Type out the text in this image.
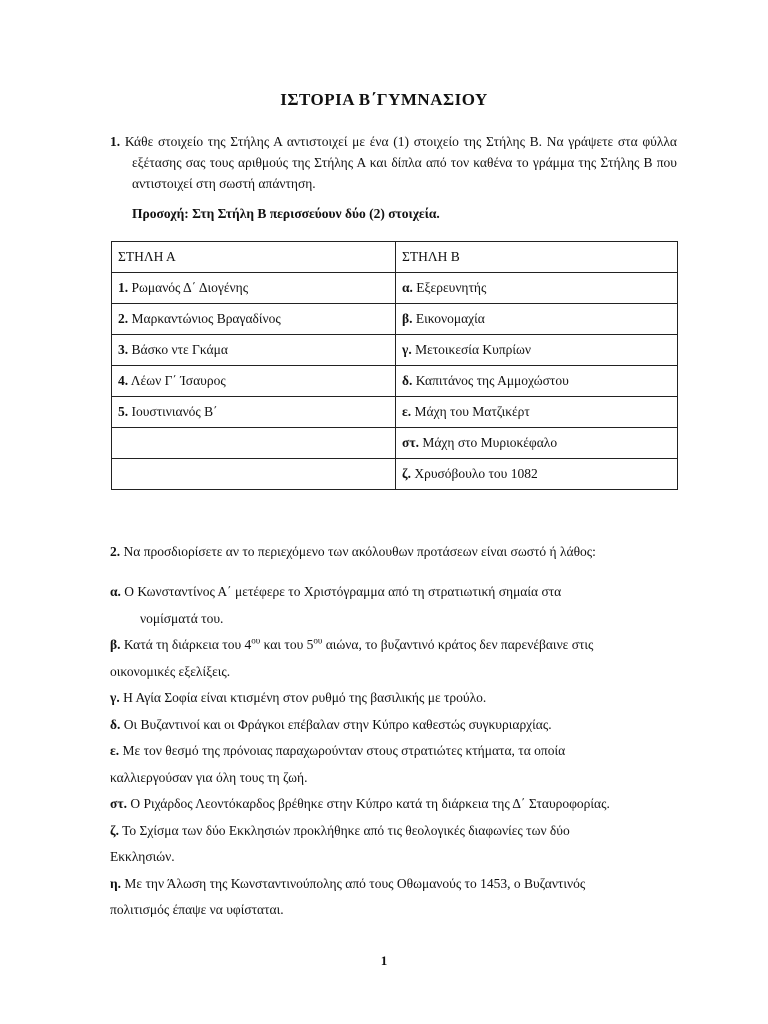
ΙΣΤΟΡΙΑ Β΄ΓΥΜΝΑΣΙΟΥ
1. Κάθε στοιχείο της Στήλης Α αντιστοιχεί με ένα (1) στοιχείο της Στήλης Β. Να γράψετε στα φύλλα εξέτασης σας τους αριθμούς της Στήλης Α και δίπλα από τον καθένα το γράμμα της Στήλης Β που αντιστοιχεί στη σωστή απάντηση.
Προσοχή: Στη Στήλη Β περισσεύουν δύο (2) στοιχεία.
ΣΤΗΛΗ Α	ΣΤΗΛΗ Β
1. Ρωμανός Δ΄ Διογένης	α. Εξερευνητής
2. Μαρκαντώνιος Βραγαδίνος	β. Εικονομαχία
3. Βάσκο ντε Γκάμα	γ. Μετοικεσία Κυπρίων
4. Λέων Γ΄ Ίσαυρος	δ. Καπιτάνος της Αμμοχώστου
5. Ιουστινιανός Β΄	ε. Μάχη του Ματζικέρτ
	στ. Μάχη στο Μυριοκέφαλο
	ζ. Χρυσόβουλο του 1082
2. Να προσδιορίσετε αν το περιεχόμενο των ακόλουθων προτάσεων είναι σωστό ή λάθος:

α. Ο Κωνσταντίνος Α΄ μετέφερε το Χριστόγραμμα από τη στρατιωτική σημαία στα

νομίσματά του.

β. Κατά τη διάρκεια του $4^{o\upsilon}$ και του $5^{o\upsilon}$ αιώνα, το βυζαντινό κράτος δεν παρενέβαινε στις

οικονομικές εξελίξεις.

γ. Η Αγία Σοφία είναι κτισμένη στον ρυθμό της βασιλικής με τρούλο.

δ. Οι Βυζαντινοί και οι Φράγκοι επέβαλαν στην Κύπρο καθεστώς συγκυριαρχίας.

ε. Με τον θεσμό της πρόνοιας παραχωρούνταν στους στρατιώτες κτήματα, τα οποία

καλλιεργούσαν για όλη τους τη ζωή.

στ. Ο Ριχάρδος Λεοντόκαρδος βρέθηκε στην Κύπρο κατά τη διάρκεια της Δ΄ Σταυροφορίας.

ζ. Το Σχίσμα των δύο Εκκλησιών προκλήθηκε από τις θεολογικές διαφωνίες των δύο

Εκκλησιών.

η. Με την Άλωση της Κωνσταντινούπολης από τους Οθωμανούς το 1453, ο Βυζαντινός

πολιτισμός έπαψε να υφίσταται.

1
